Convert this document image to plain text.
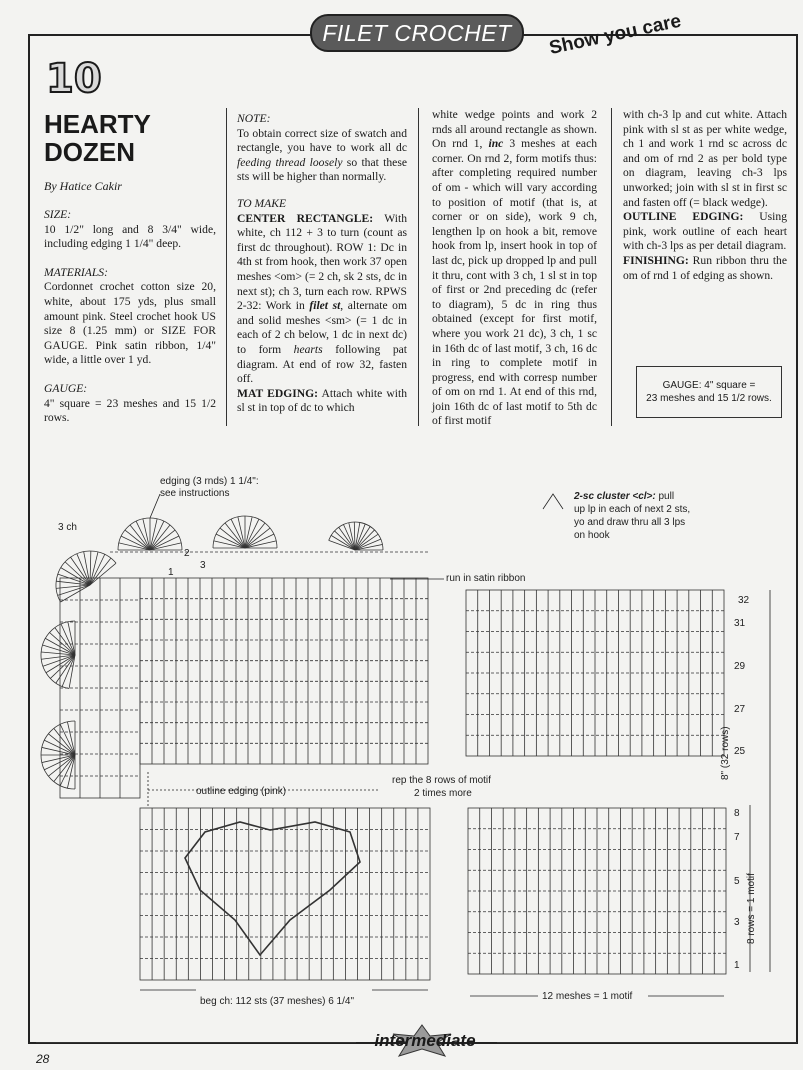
FILET CROCHET Show you care
10
HEARTY DOZEN
By Hatice Cakir

SIZE:

10 1/2" long and 8 3/4" wide, including edging 1 1/4" deep.

MATERIALS:

Cordonnet crochet cotton size 20, white, about 175 yds, plus small amount pink. Steel crochet hook US size 8 (1.25 mm) or SIZE FOR GAUGE. Pink satin ribbon, 1/4" wide, a little over 1 yd.

GAUGE:

4" square = 23 meshes and 15 1/2 rows.

NOTE:

To obtain correct size of swatch and rectangle, you have to work all dc feeding thread loosely so that these sts will be higher than normally.

TO MAKE

CENTER RECTANGLE: With white, ch 112 + 3 to turn (count as first dc throughout). ROW 1: Dc in 4th st from hook, then work 37 open meshes <om> (= 2 ch, sk 2 sts, dc in next st); ch 3, turn each row. RPWS 2-32: Work in filet st, alternate om and solid meshes <sm> (= 1 dc in each of 2 ch below, 1 dc in next dc) to form hearts following pat diagram. At end of row 32, fasten off.

MAT EDGING: Attach white with sl st in top of dc to which

white wedge points and work 2 rnds all around rectangle as shown. On rnd 1, inc 3 meshes at each corner. On rnd 2, form motifs thus: after completing required number of om - which will vary according to position of motif (that is, at corner or on side), work 9 ch, lengthen lp on hook a bit, remove hook from lp, insert hook in top of last dc, pick up dropped lp and pull it thru, cont with 3 ch, 1 sl st in top of first or 2nd preceding dc (refer to diagram), 5 dc in ring thus obtained (except for first motif, where you work 21 dc), 3 ch, 1 sc in 16th dc of last motif, 3 ch, 16 dc in ring to complete motif in progress, end with corresp number of om on rnd 1. At end of this rnd, join 16th dc of last motif to 5th dc of first motif

with ch-3 lp and cut white. Attach pink with sl st as per white wedge, ch 1 and work 1 rnd sc across dc and om of rnd 2 as per bold type on diagram, leaving ch-3 lps unworked; join with sl st in first sc and fasten off (= black wedge).

OUTLINE EDGING: Using pink, work outline of each heart with ch-3 lps as per detail diagram.

FINISHING: Run ribbon thru the om of rnd 1 of edging as shown.

GAUGE: 4" square =
23 meshes and 15 1/2 rows.
edging (3 rnds) 1 1/4":
see instructions
3 ch
1
2
3
run in satin ribbon
2-sc cluster <cl>: pull
up lp in each of next 2 sts,
yo and draw thru all 3 lps
on hook
outline edging (pink)
rep the 8 rows of motif
2 times more
beg ch: 112 sts (37 meshes) 6 1/4"	12 meshes = 1 motif
32
31
29
27
25
8
7
5
3
1
8" (32 rows)
8 rows = 1 motif
intermediate
28
